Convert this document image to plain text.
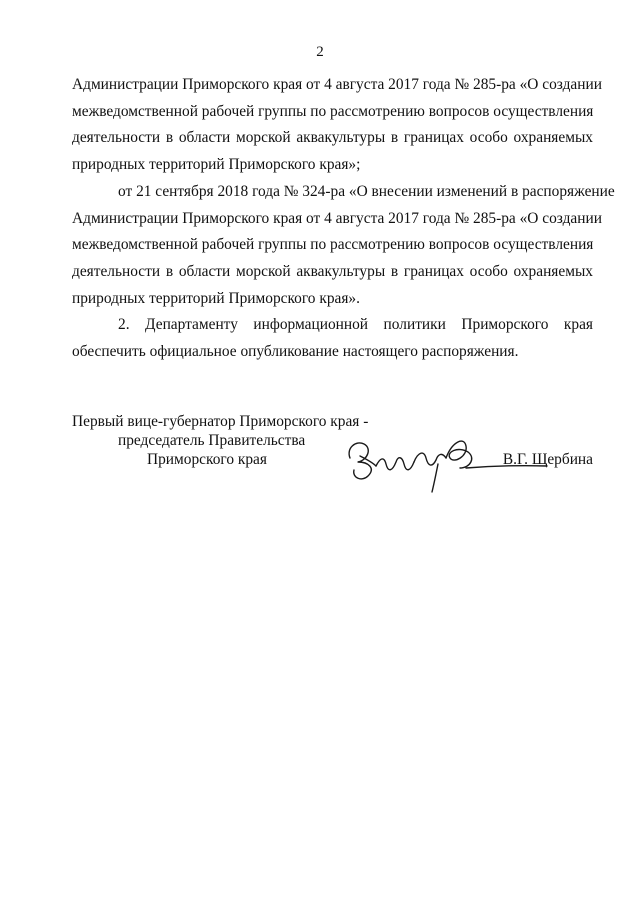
2
Администрации Приморского края от 4 августа 2017 года № 285-ра «О создании
межведомственной рабочей группы по рассмотрению вопросов осуществления
деятельности в области морской аквакультуры в границах особо охраняемых
природных территорий Приморского края»;
от 21 сентября 2018 года № 324-ра «О внесении изменений в распоряжение
Администрации Приморского края от 4 августа 2017 года № 285-ра «О создании
межведомственной рабочей группы по рассмотрению вопросов осуществления
деятельности в области морской аквакультуры в границах особо охраняемых
природных территорий Приморского края».
2. Департаменту информационной политики Приморского края
обеспечить официальное опубликование настоящего распоряжения.
Первый вице-губернатор Приморского края -
председатель Правительства
Приморского края	В.Г. Щербина
